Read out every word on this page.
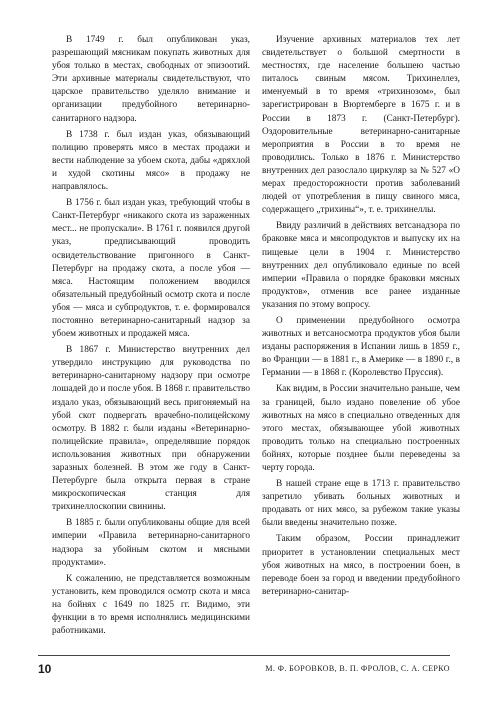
В 1749 г. был опубликован указ, разрешающий мясникам покупать животных для убоя только в местах, свободных от эпизоотий. Эти архивные материалы свидетельствуют, что царское правительство уделяло внимание и организации предубойного ветеринарно-санитарного надзора.

В 1738 г. был издан указ, обязывающий полицию проверять мясо в местах продажи и вести наблюдение за убоем скота, дабы «дряхлой и худой скотины мясо» в продажу не направлялось.

В 1756 г. был издан указ, требующий чтобы в Санкт-Петербург «никакого скота из зараженных мест... не пропускали». В 1761 г. появился другой указ, предписывающий проводить освидетельствование пригонного в Санкт-Петербург на продажу скота, а после убоя — мяса. Настоящим положением вводился обязательный предубойный осмотр скота и после убоя — мяса и субпродуктов, т. е. формировался постоянно ветеринарно-санитарный надзор за убоем животных и продажей мяса.

В 1867 г. Министерство внутренних дел утвердило инструкцию для руководства по ветеринарно-санитарному надзору при осмотре лошадей до и после убоя. В 1868 г. правительство издало указ, обязывающий весь пригоняемый на убой скот подвергать врачебно-полицейскому осмотру. В 1882 г. были изданы «Ветеринарно-полицейские правила», определявшие порядок использования животных при обнаружении заразных болезней. В этом же году в Санкт-Петербурге была открыта первая в стране микроскопическая станция для трихинеллоскопии свинины.

В 1885 г. были опубликованы общие для всей империи «Правила ветеринарно-санитарного надзора за убойным скотом и мясными продуктами».

К сожалению, не представляется возможным установить, кем проводился осмотр скота и мяса на бойнях с 1649 по 1825 гг. Видимо, эти функции в то время исполнялись медицинскими работниками.

Изучение архивных материалов тех лет свидетельствует о большой смертности в местностях, где население большею частью питалось свиным мясом. Трихинеллез, именуемый в то время «трихинозом», был зарегистрирован в Вюртемберге в 1675 г. и в России в 1873 г. (Санкт-Петербург). Оздоровительные ветеринарно-санитарные мероприятия в России в то время не проводились. Только в 1876 г. Министерство внутренних дел разослало циркуляр за № 527 «О мерах предосторожности против заболеваний людей от употребления в пищу свиного мяса, содержащего „трихины“», т. е. трихинеллы.

Ввиду различий в действиях ветсанадзора по браковке мяса и мясопродуктов и выпуску их на пищевые цели в 1904 г. Министерство внутренних дел опубликовало единые по всей империи «Правила о порядке браковки мясных продуктов», отменив все ранее изданные указания по этому вопросу.

О применении предубойного осмотра животных и ветсаносмотра продуктов убоя были изданы распоряжения в Испании лишь в 1859 г., во Франции — в 1881 г., в Америке — в 1890 г., в Германии — в 1868 г. (Королевство Пруссия).

Как видим, в России значительно раньше, чем за границей, было издано повеление об убое животных на мясо в специально отведенных для этого местах, обязывающее убой животных проводить только на специально построенных бойнях, которые позднее были переведены за черту города.

В нашей стране еще в 1713 г. правительство запретило убивать больных животных и продавать от них мясо, за рубежом такие указы были введены значительно позже.

Таким образом, России принадлежит приоритет в установлении специальных мест убоя животных на мясо, в построении боен, в переводе боен за город и введении предубойного ветеринарно-санитар-

10	М. Ф. БОРОВКОВ, В. П. ФРОЛОВ, С. А. СЕРКО
